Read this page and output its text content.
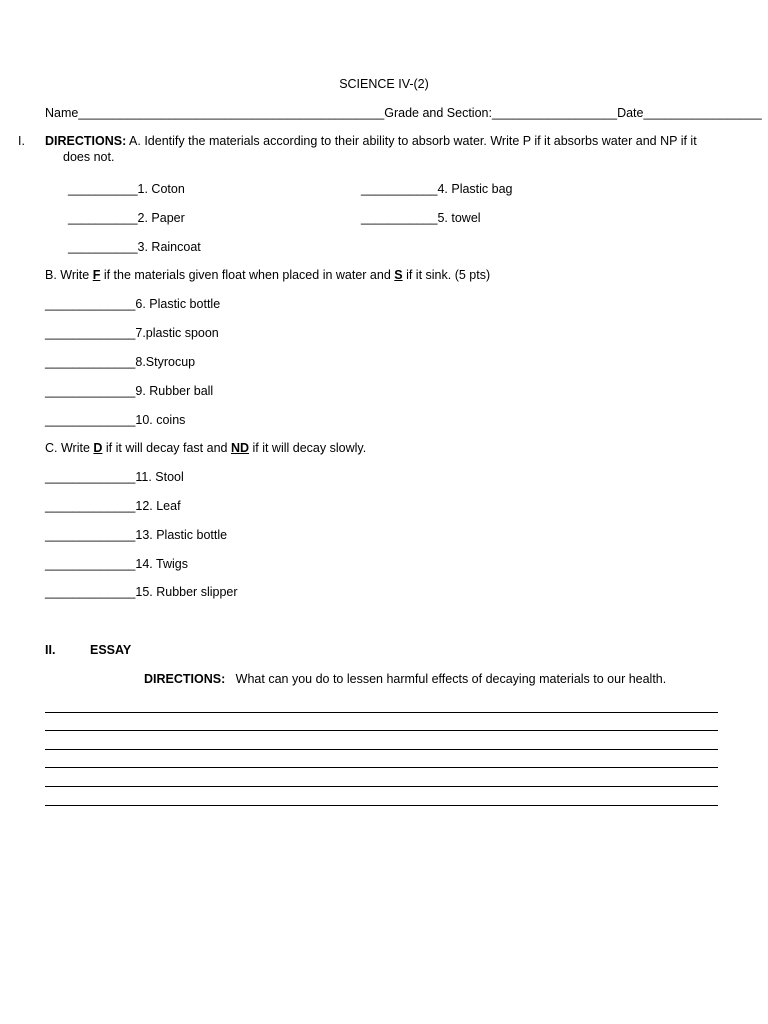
SCIENCE IV-(2)
Name____________________________________________ Grade and Section:__________________ Date_________________
I. DIRECTIONS: A. Identify the materials according to their ability to absorb water. Write P if it absorbs water and NP if it
does not.
__________1. Coton
__________2. Paper
__________3. Raincoat
___________4. Plastic bag
___________5. towel
B. Write F if the materials given float when placed in water and S if it sink. (5 pts)
_____________6. Plastic bottle
_____________7.plastic spoon
_____________8.Styrocup
_____________9. Rubber ball
_____________10. coins
C. Write D if it will decay fast and ND if it will decay slowly.
_____________11. Stool
_____________12. Leaf
_____________13. Plastic bottle
_____________14. Twigs
_____________15. Rubber slipper
II.	ESSAY
DIRECTIONS: What can you do to lessen harmful effects of decaying materials to our health.
